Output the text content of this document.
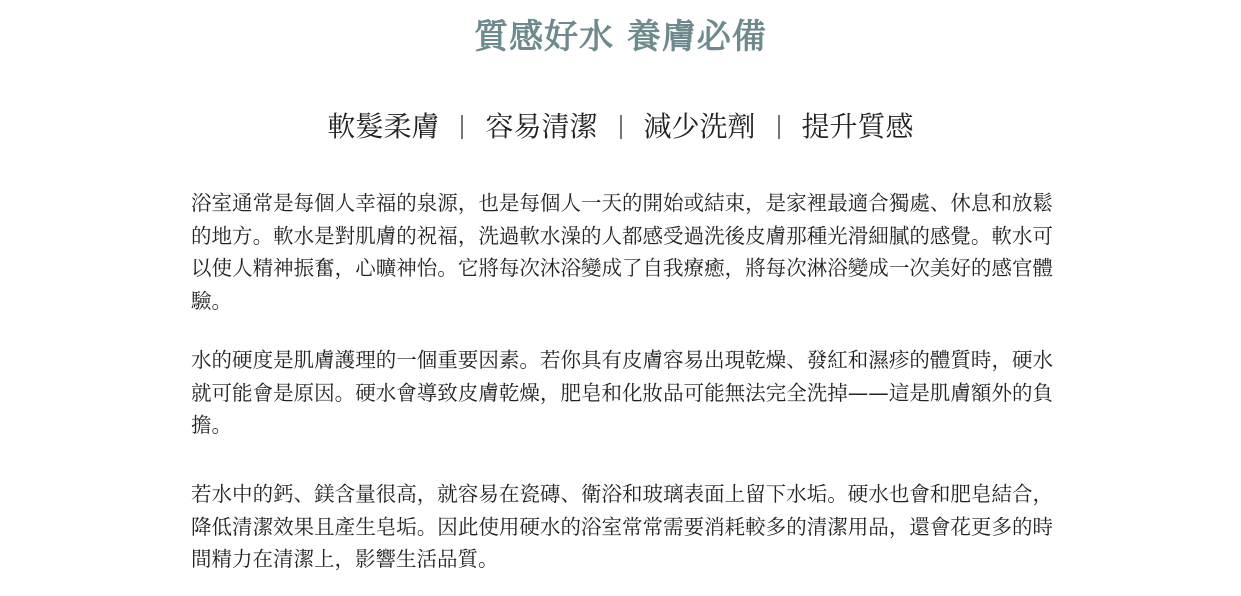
質感好水 養膚必備
軟髮柔膚 容易清潔 減少洗劑 提升質感

浴室通常是每個人幸福的泉源，也是每個人一天的開始或結束，是家裡最適合獨處、休息和放鬆的地方。軟水是對肌膚的祝福，洗過軟水澡的人都感受過洗後皮膚那種光滑細膩的感覺。軟水可以使人精神振奮，心曠神怡。它將每次沐浴變成了自我療癒，將每次淋浴變成一次美好的感官體驗。

水的硬度是肌膚護理的一個重要因素。若你具有皮膚容易出現乾燥、發紅和濕疹的體質時，硬水就可能會是原因。硬水會導致皮膚乾燥，肥皂和化妝品可能無法完全洗掉——這是肌膚額外的負擔。

若水中的鈣、鎂含量很高，就容易在瓷磚、衛浴和玻璃表面上留下水垢。硬水也會和肥皂結合，降低清潔效果且產生皂垢。因此使用硬水的浴室常常需要消耗較多的清潔用品，還會花更多的時間精力在清潔上，影響生活品質。
